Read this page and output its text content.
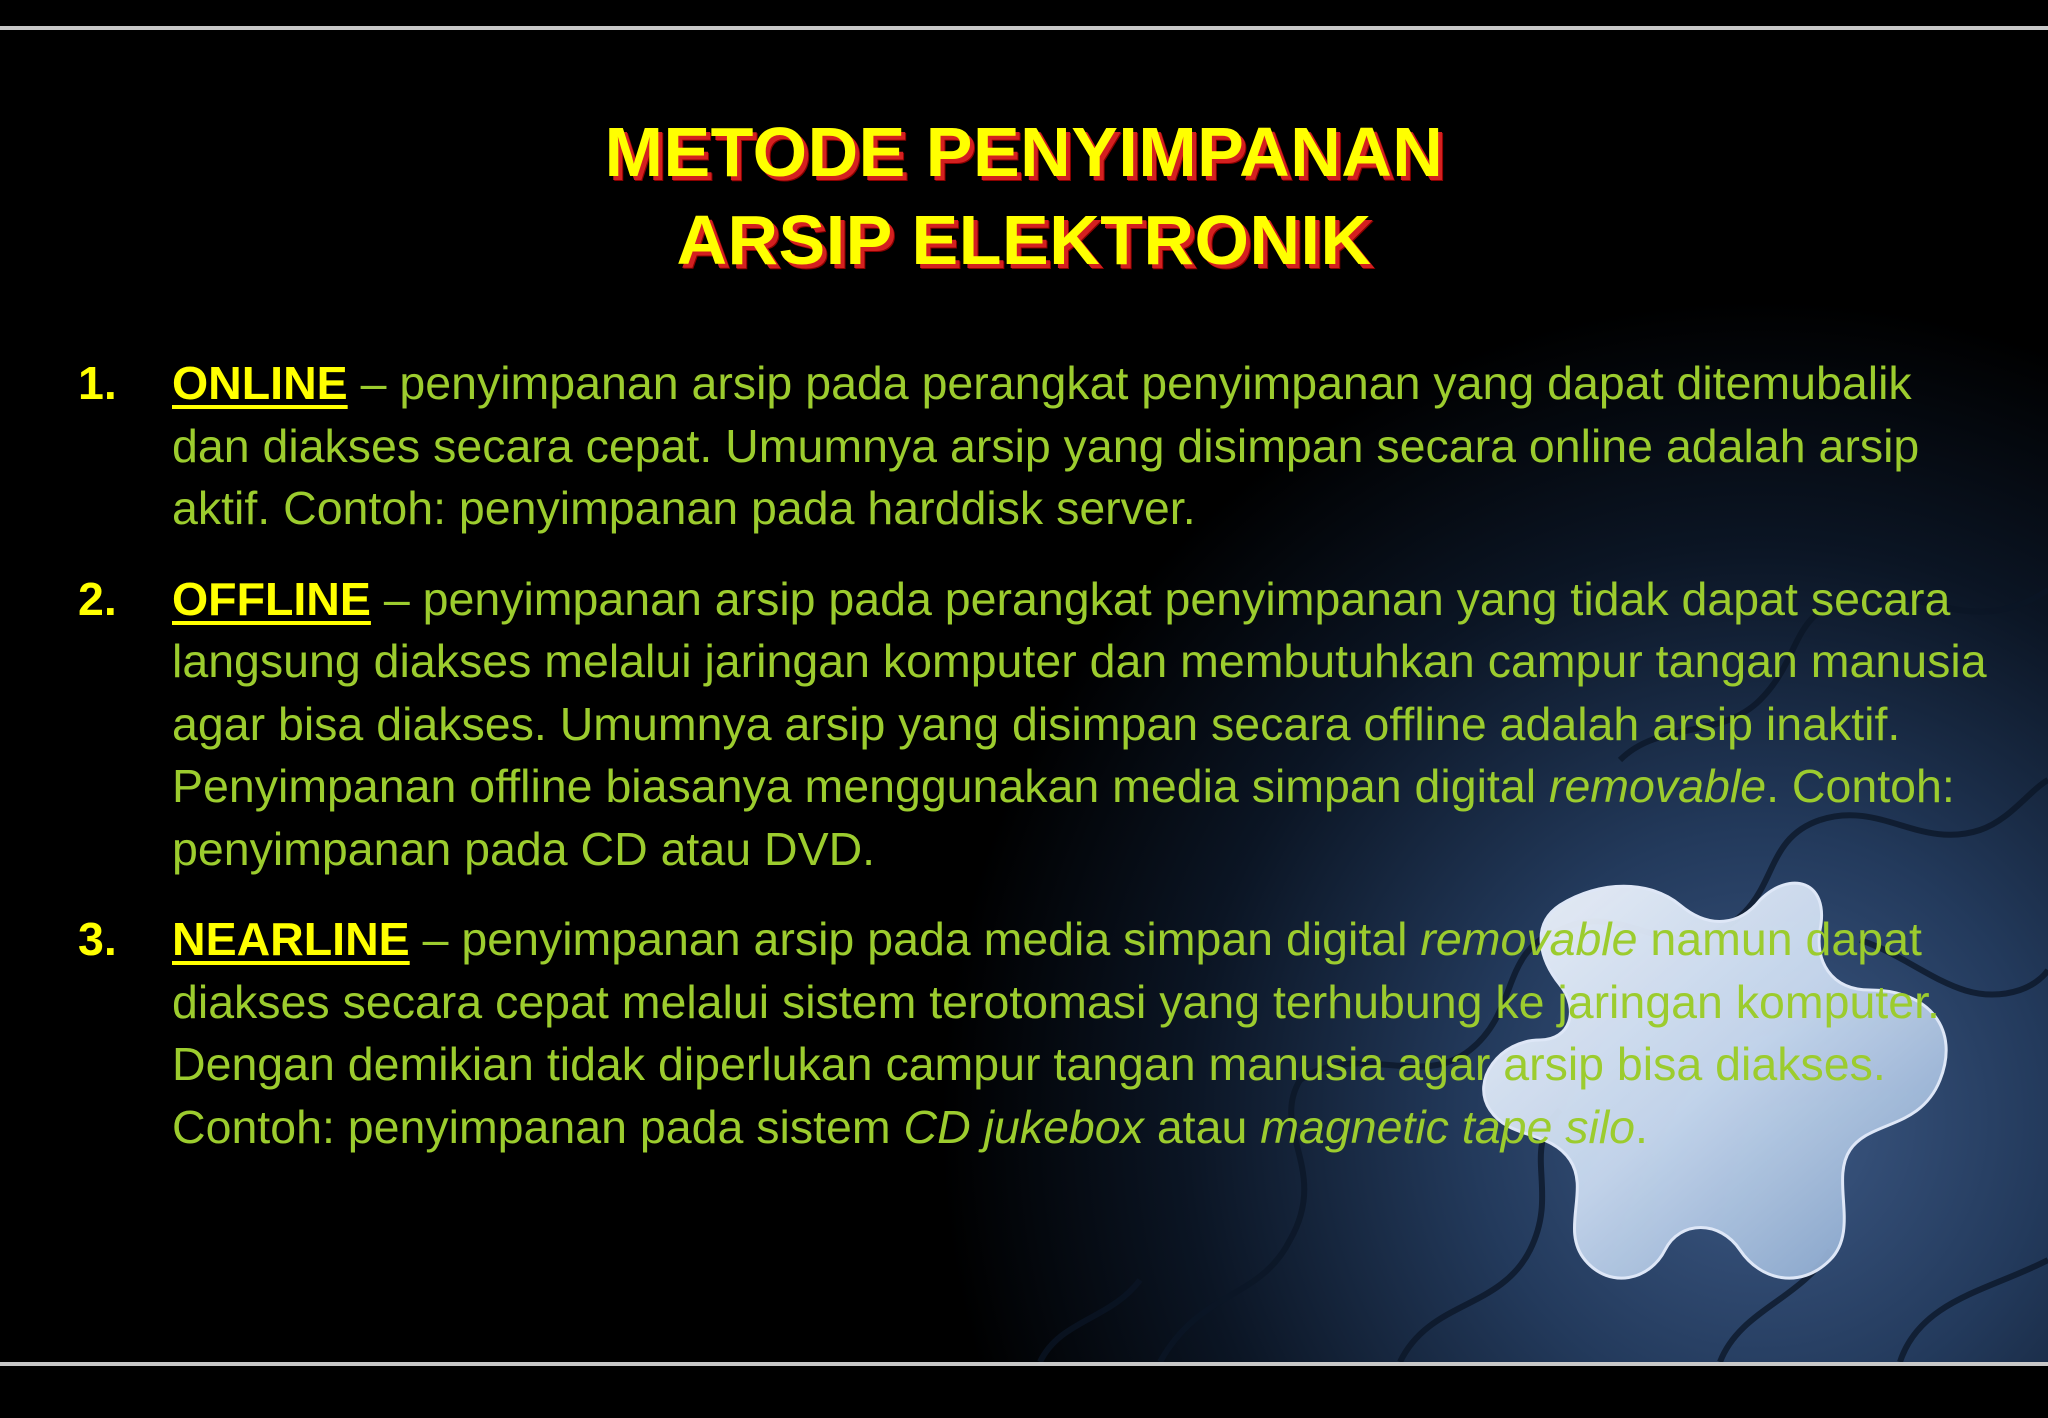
METODE PENYIMPANAN
ARSIP ELEKTRONIK
1. ONLINE – penyimpanan arsip pada perangkat penyimpanan yang dapat ditemubalik dan diakses secara cepat. Umumnya arsip yang disimpan secara online adalah arsip aktif. Contoh: penyimpanan pada harddisk server.
2. OFFLINE – penyimpanan arsip pada perangkat penyimpanan yang tidak dapat secara langsung diakses melalui jaringan komputer dan membutuhkan campur tangan manusia agar bisa diakses. Umumnya arsip yang disimpan secara offline adalah arsip inaktif. Penyimpanan offline biasanya menggunakan media simpan digital removable. Contoh: penyimpanan pada CD atau DVD.
3. NEARLINE – penyimpanan arsip pada media simpan digital removable namun dapat diakses secara cepat melalui sistem terotomasi yang terhubung ke jaringan komputer. Dengan demikian tidak diperlukan campur tangan manusia agar arsip bisa diakses. Contoh: penyimpanan pada sistem CD jukebox atau magnetic tape silo.
